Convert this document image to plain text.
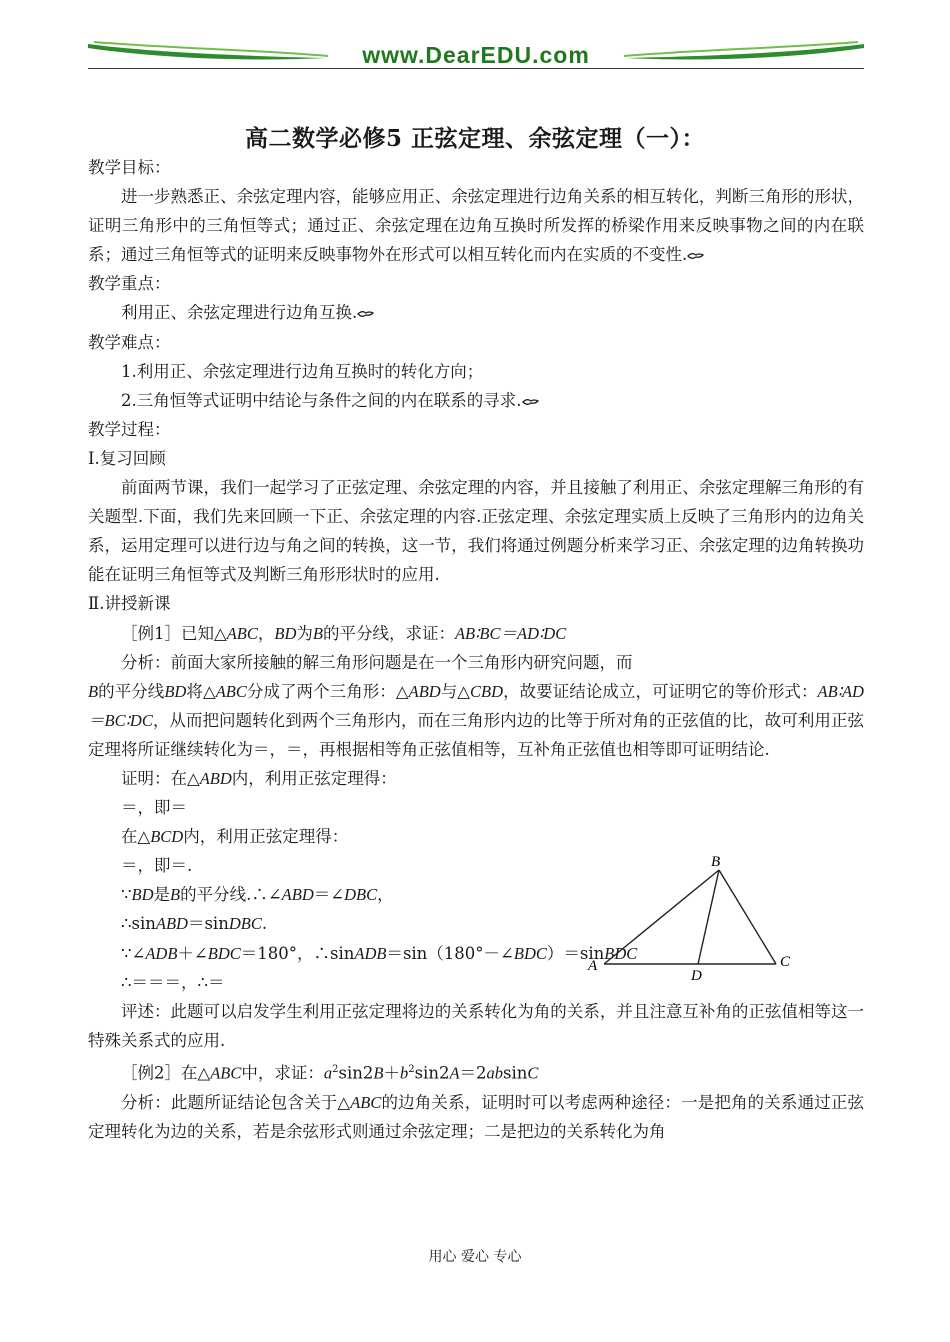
www.DearEDU.com
高二数学必修5 正弦定理、余弦定理（一）：

教学目标：

进一步熟悉正、余弦定理内容，能够应用正、余弦定理进行边角关系的相互转化，判断三角形的形状，证明三角形中的三角恒等式；通过正、余弦定理在边角互换时所发挥的桥梁作用来反映事物之间的内在联系；通过三角恒等式的证明来反映事物外在形式可以相互转化而内在实质的不变性.

教学重点：

利用正、余弦定理进行边角互换.

教学难点：

1.利用正、余弦定理进行边角互换时的转化方向；

2.三角恒等式证明中结论与条件之间的内在联系的寻求.

教学过程：

Ⅰ.复习回顾

前面两节课，我们一起学习了正弦定理、余弦定理的内容，并且接触了利用正、余弦定理解三角形的有关题型.下面，我们先来回顾一下正、余弦定理的内容.正弦定理、余弦定理实质上反映了三角形内的边角关系，运用定理可以进行边与角之间的转换，这一节，我们将通过例题分析来学习正、余弦定理的边角转换功能在证明三角恒等式及判断三角形形状时的应用.

Ⅱ.讲授新课

［例1］已知△ABC，BD为B的平分线，求证：AB∶BC＝AD∶DC

分析：前面大家所接触的解三角形问题是在一个三角形内研究问题，而

B的平分线BD将△ABC分成了两个三角形：△ABD与△CBD，故要证结论成立，可证明它的等价形式：AB∶AD＝BC∶DC，从而把问题转化到两个三角形内，而在三角形内边的比等于所对角的正弦值的比，故可利用正弦定理将所证继续转化为＝，＝，再根据相等角正弦值相等，互补角正弦值也相等即可证明结论.

证明：在△ABD内，利用正弦定理得：

＝，即＝

在△BCD内，利用正弦定理得：

＝，即＝.

∵BD是B的平分线.∴∠ABD＝∠DBC，

∴sinABD＝sinDBC.

∵∠ADB＋∠BDC＝180°，∴sinADB＝sin（180°－∠BDC）＝sinBDC

∴＝＝＝，∴＝

评述：此题可以启发学生利用正弦定理将边的关系转化为角的关系，并且注意互补角的正弦值相等这一特殊关系式的应用.

［例2］在△ABC中，求证：$a^2\sin 2B+b^2\sin 2A=2absinC$

分析：此题所证结论包含关于△ABC的边角关系，证明时可以考虑两种途径：一是把角的关系通过正弦定理转化为边的关系，若是余弦形式则通过余弦定理；二是把边的关系转化为角

B
A	C
D
用心 爱心 专心
